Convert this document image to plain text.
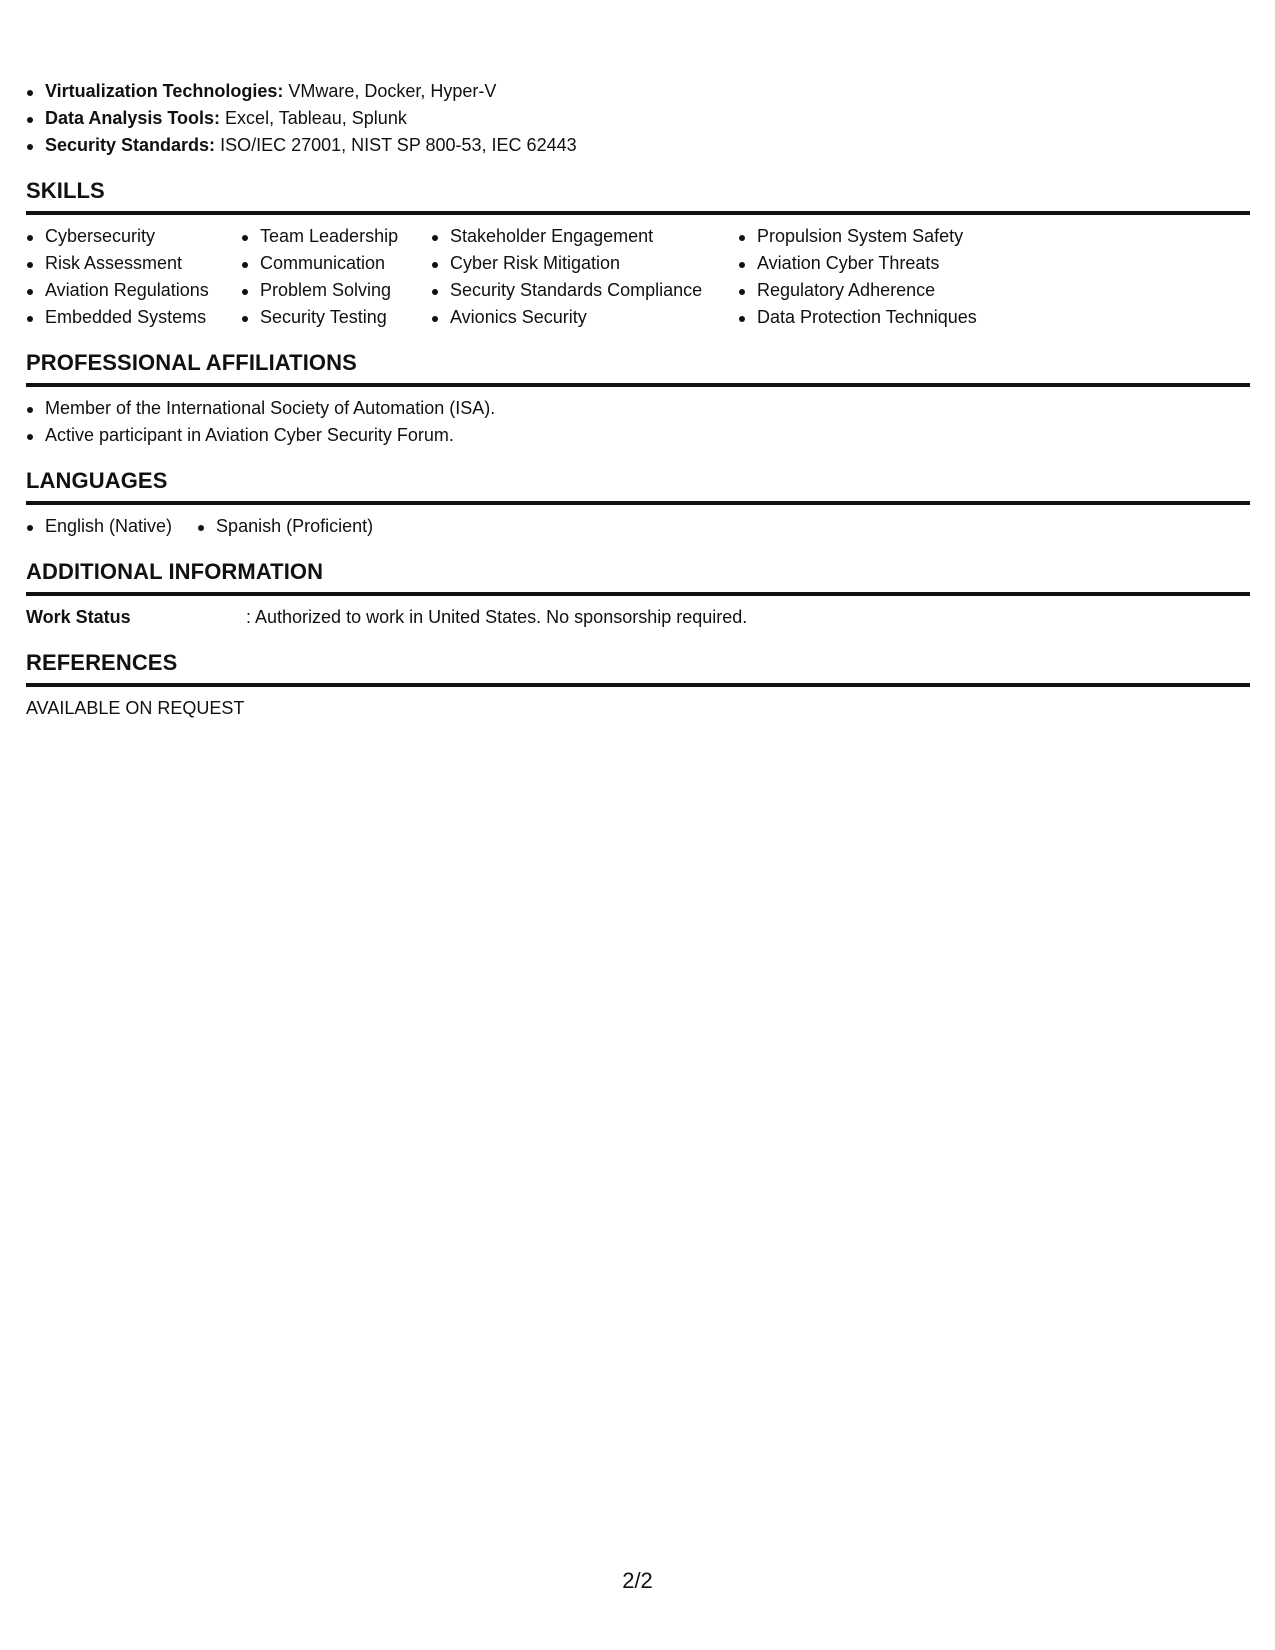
Virtualization Technologies: VMware, Docker, Hyper-V
Data Analysis Tools: Excel, Tableau, Splunk
Security Standards: ISO/IEC 27001, NIST SP 800-53, IEC 62443
SKILLS
Cybersecurity
Risk Assessment
Aviation Regulations
Embedded Systems
Team Leadership
Communication
Problem Solving
Security Testing
Stakeholder Engagement
Cyber Risk Mitigation
Security Standards Compliance
Avionics Security
Propulsion System Safety
Aviation Cyber Threats
Regulatory Adherence
Data Protection Techniques
PROFESSIONAL AFFILIATIONS
Member of the International Society of Automation (ISA).
Active participant in Aviation Cyber Security Forum.
LANGUAGES
English (Native)	Spanish (Proficient)
ADDITIONAL INFORMATION
Work Status	: Authorized to work in United States. No sponsorship required.
REFERENCES
AVAILABLE ON REQUEST
2/2
